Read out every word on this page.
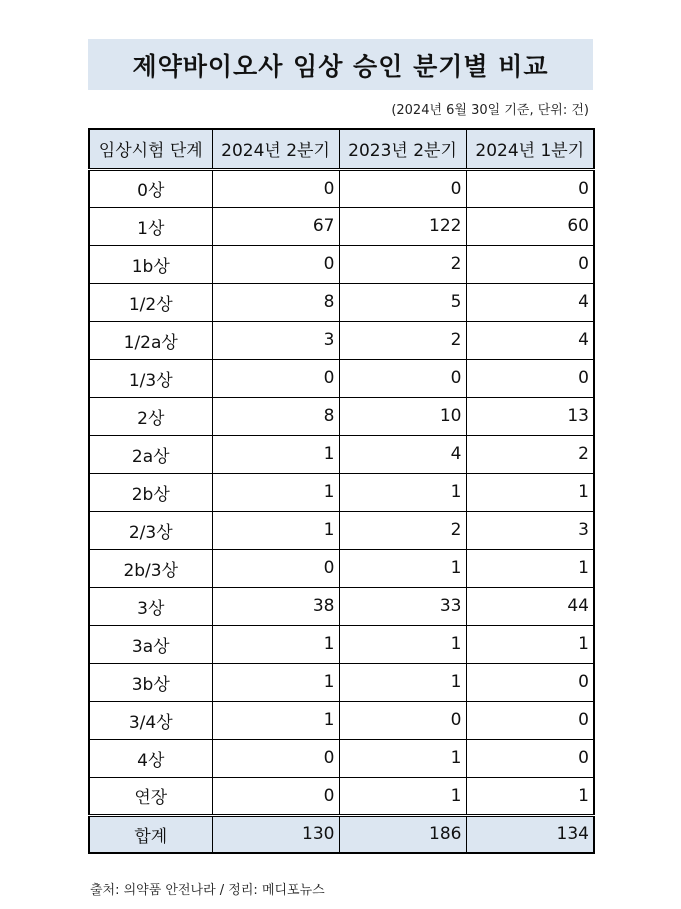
제약바이오사 임상 승인 분기별 비교
(2024년 6월 30일 기준, 단위: 건)
임상시험 단계	2024년 2분기	2023년 2분기	2024년 1분기
0상	0	0	0
1상	67	122	60
1b상	0	2	0
1/2상	8	5	4
1/2a상	3	2	4
1/3상	0	0	0
2상	8	10	13
2a상	1	4	2
2b상	1	1	1
2/3상	1	2	3
2b/3상	0	1	1
3상	38	33	44
3a상	1	1	1
3b상	1	1	0
3/4상	1	0	0
4상	0	1	0
연장	0	1	1
합계	130	186	134
출처: 의약품 안전나라 / 정리: 메디포뉴스
